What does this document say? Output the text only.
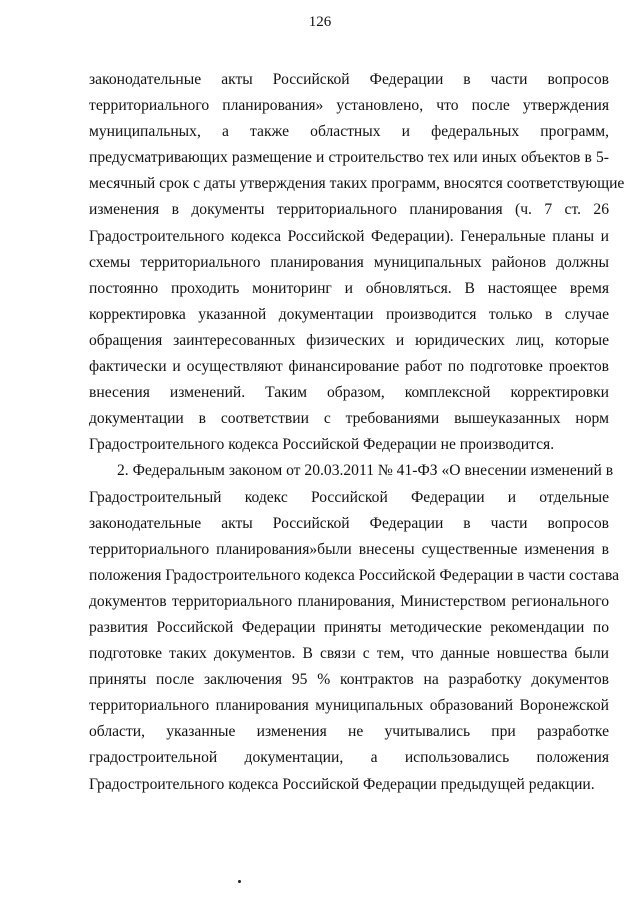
126
законодательные акты Российской Федерации в части вопросов
территориального планирования» установлено, что после утверждения
муниципальных, а также областных и федеральных программ,
предусматривающих размещение и строительство тех или иных объектов в 5-
месячный срок с даты утверждения таких программ, вносятся соответствующие
изменения в документы территориального планирования (ч. 7 ст. 26
Градостроительного кодекса Российской Федерации). Генеральные планы и
схемы территориального планирования муниципальных районов должны
постоянно проходить мониторинг и обновляться. В настоящее время
корректировка указанной документации производится только в случае
обращения заинтересованных физических и юридических лиц, которые
фактически и осуществляют финансирование работ по подготовке проектов
внесения изменений. Таким образом, комплексной корректировки
документации в соответствии с требованиями вышеуказанных норм
Градостроительного кодекса Российской Федерации не производится.
2. Федеральным законом от 20.03.2011 № 41-ФЗ «О внесении изменений в
Градостроительный кодекс Российской Федерации и отдельные
законодательные акты Российской Федерации в части вопросов
территориального планирования»были внесены существенные изменения в
положения Градостроительного кодекса Российской Федерации в части состава
документов территориального планирования, Министерством регионального
развития Российской Федерации приняты методические рекомендации по
подготовке таких документов. В связи с тем, что данные новшества были
приняты после заключения 95 % контрактов на разработку документов
территориального планирования муниципальных образований Воронежской
области, указанные изменения не учитывались при разработке
градостроительной документации, а использовались положения
Градостроительного кодекса Российской Федерации предыдущей редакции.
